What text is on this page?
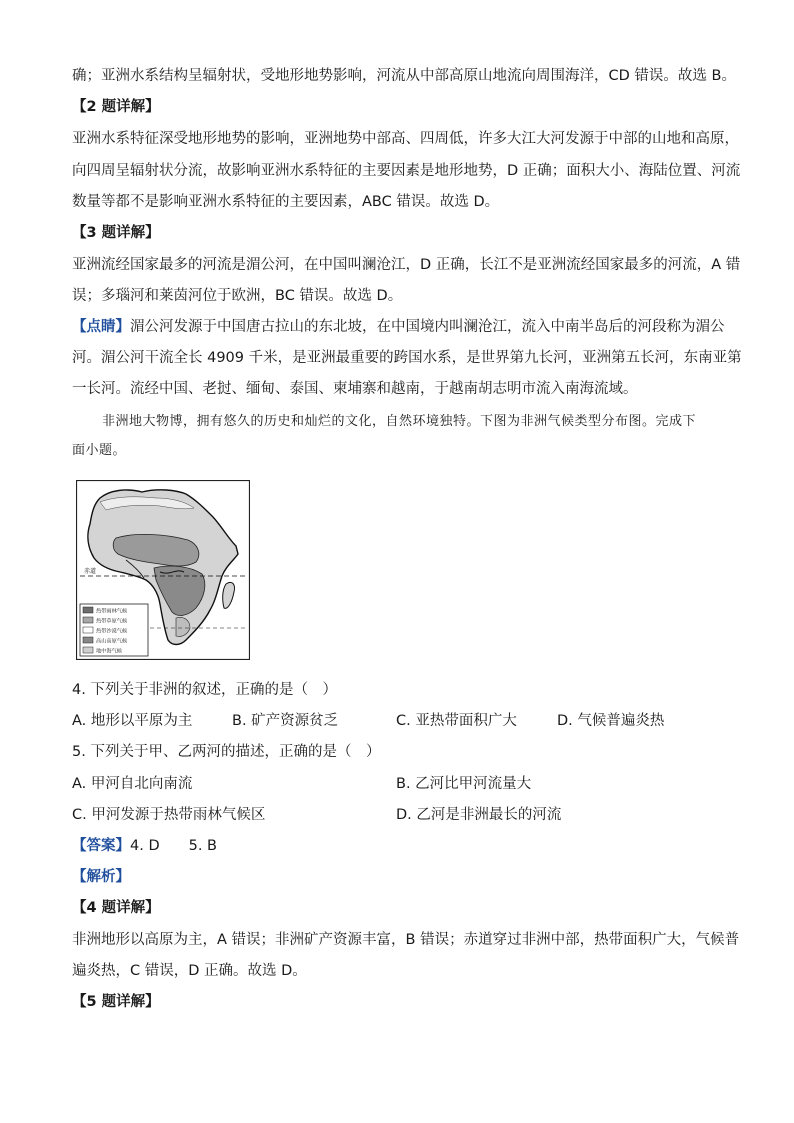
确；亚洲水系结构呈辐射状，受地形地势影响，河流从中部高原山地流向周围海洋，CD 错误。故选 B。
【2 题详解】
亚洲水系特征深受地形地势的影响，亚洲地势中部高、四周低，许多大江大河发源于中部的山地和高原，
向四周呈辐射状分流，故影响亚洲水系特征的主要因素是地形地势，D 正确；面积大小、海陆位置、河流
数量等都不是影响亚洲水系特征的主要因素，ABC 错误。故选 D。
【3 题详解】
亚洲流经国家最多的河流是湄公河，在中国叫澜沧江，D 正确，长江不是亚洲流经国家最多的河流，A 错
误；多瑙河和莱茵河位于欧洲，BC 错误。故选 D。
【点睛】湄公河发源于中国唐古拉山的东北坡，在中国境内叫澜沧江，流入中南半岛后的河段称为湄公
河。湄公河干流全长 4909 千米，是亚洲最重要的跨国水系，是世界第九长河，亚洲第五长河，东南亚第
一长河。流经中国、老挝、缅甸、泰国、柬埔寨和越南，于越南胡志明市流入南海流域。
非洲地大物博，拥有悠久的历史和灿烂的文化，自然环境独特。下图为非洲气候类型分布图。完成下
面小题。
赤道
热带雨林气候
热带草原气候
热带沙漠气候
高山高原气候
地中海气候
4. 下列关于非洲的叙述，正确的是（　）
A. 地形以平原为主	B. 矿产资源贫乏	C. 亚热带面积广大	D. 气候普遍炎热
5. 下列关于甲、乙两河的描述，正确的是（　）
A. 甲河自北向南流	B. 乙河比甲河流量大
C. 甲河发源于热带雨林气候区	D. 乙河是非洲最长的河流
【答案】4. D　　5. B
【解析】
【4 题详解】
非洲地形以高原为主，A 错误；非洲矿产资源丰富，B 错误；赤道穿过非洲中部，热带面积广大，气候普
遍炎热，C 错误，D 正确。故选 D。
【5 题详解】
